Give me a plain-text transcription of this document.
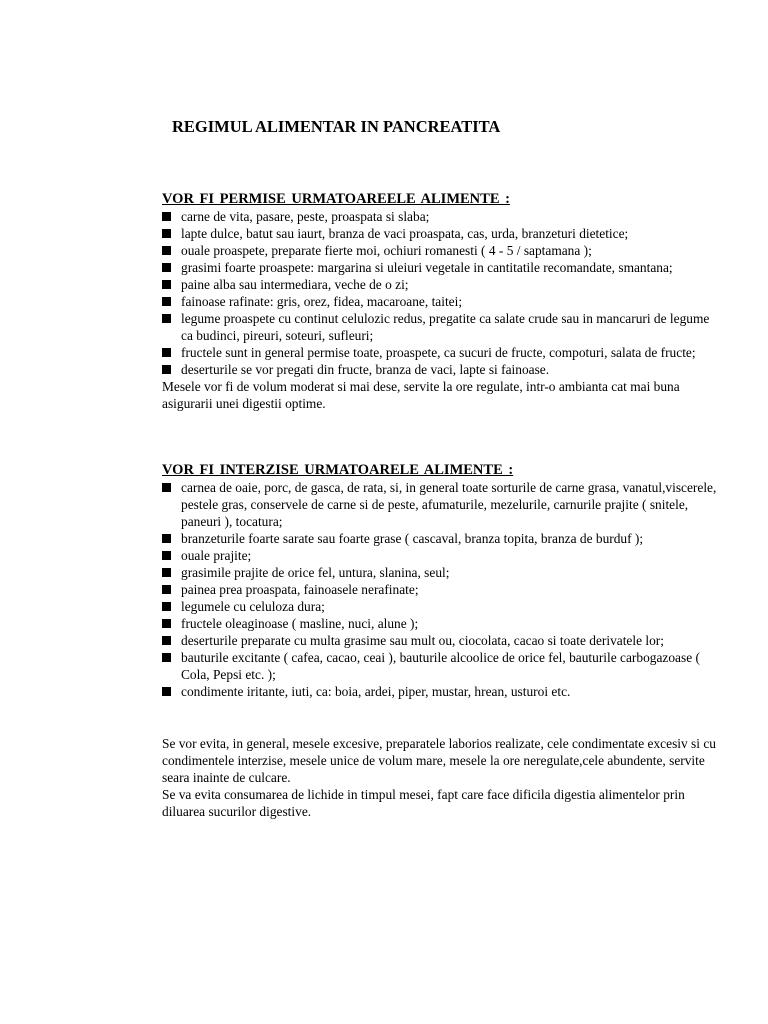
REGIMUL ALIMENTAR IN PANCREATITA

VOR FI PERMISE URMATOAREELE ALIMENTE :

carne de vita, pasare, peste, proaspata si slaba;
lapte dulce, batut sau iaurt, branza de vaci proaspata, cas, urda, branzeturi dietetice;
ouale proaspete, preparate fierte moi, ochiuri romanesti ( 4 - 5 / saptamana );
grasimi foarte proaspete: margarina si uleiuri vegetale in cantitatile recomandate, smantana;
paine alba sau intermediara, veche de o zi;
fainoase rafinate: gris, orez, fidea, macaroane, taitei;
legume proaspete cu continut celulozic redus, pregatite ca salate crude sau in mancaruri de legume ca budinci, pireuri, soteuri, sufleuri;
fructele sunt in general permise toate, proaspete, ca sucuri de fructe, compoturi, salata de fructe;
deserturile se vor pregati din fructe, branza de vaci, lapte si fainoase.

Mesele vor fi de volum moderat si mai dese, servite la ore regulate, intr-o ambianta cat mai buna asigurarii unei digestii optime.

VOR FI INTERZISE URMATOARELE ALIMENTE :

carnea de oaie, porc, de gasca, de rata, si, in general toate sorturile de carne grasa, vanatul,viscerele, pestele gras, conservele de carne si de peste, afumaturile, mezelurile, carnurile prajite ( snitele, paneuri ), tocatura;
branzeturile foarte sarate sau foarte grase ( cascaval, branza topita, branza de burduf );
ouale prajite;
grasimile prajite de orice fel, untura, slanina, seul;
painea prea proaspata, fainoasele nerafinate;
legumele cu celuloza dura;
fructele oleaginoase ( masline, nuci, alune );
deserturile preparate cu multa grasime sau mult ou, ciocolata, cacao si toate derivatele lor;
bauturile excitante ( cafea, cacao, ceai ), bauturile alcoolice de orice fel, bauturile carbogazoase ( Cola, Pepsi etc. );
condimente iritante, iuti, ca: boia, ardei, piper, mustar, hrean, usturoi etc.

Se vor evita, in general, mesele excesive, preparatele laborios realizate, cele condimentate excesiv si cu condimentele interzise, mesele unice de volum mare, mesele la ore neregulate,cele abundente, servite seara inainte de culcare.

Se va evita consumarea de lichide in timpul mesei, fapt care face dificila digestia alimentelor prin diluarea sucurilor digestive.
